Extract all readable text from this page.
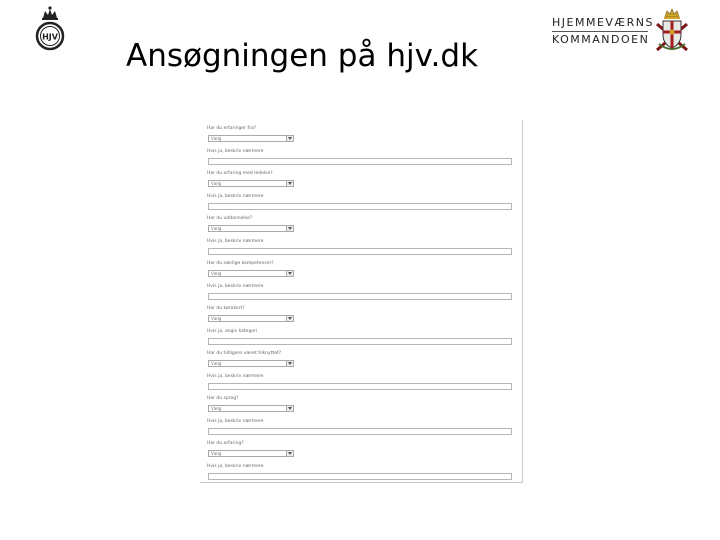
HJV
HJEMMEVÆRNS
KOMMANDOEN
Ansøgningen på hjv.dk
Har du erfaringer fra?
Vælg
Hvis ja, beskriv nærmere
Har du erfaring med ledelse?
Vælg
Hvis ja, beskriv nærmere
Har du uddannelse?
Vælg
Hvis ja, beskriv nærmere
Har du særlige kompetencer?
Vælg
Hvis ja, beskriv nærmere
Har du kørekort?
Vælg
Hvis ja, angiv kategori
Har du tidligere været tilknyttet?
Vælg
Hvis ja, beskriv nærmere
Har du sprog?
Vælg
Hvis ja, beskriv nærmere
Har du erfaring?
Vælg
Hvis ja, beskriv nærmere
